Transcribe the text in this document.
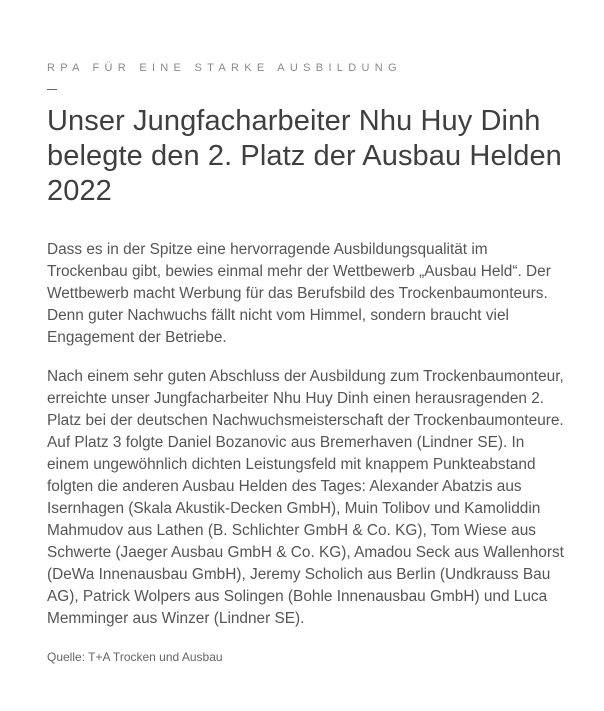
RPA FÜR EINE STARKE AUSBILDUNG
Unser Jungfacharbeiter Nhu Huy Dinh belegte den 2. Platz der Ausbau Helden 2022

Dass es in der Spitze eine hervorragende Ausbildungsqualität im Trockenbau gibt, bewies einmal mehr der Wettbewerb „Ausbau Held“. Der Wettbewerb macht Werbung für das Berufsbild des Trockenbaumonteurs. Denn guter Nachwuchs fällt nicht vom Himmel, sondern braucht viel Engagement der Betriebe.

Nach einem sehr guten Abschluss der Ausbildung zum Trockenbaumonteur, erreichte unser Jungfacharbeiter Nhu Huy Dinh einen herausragenden 2. Platz bei der deutschen Nachwuchsmeisterschaft der Trockenbaumonteure. Auf Platz 3 folgte Daniel Bozanovic aus Bremerhaven (Lindner SE). In einem ungewöhnlich dichten Leistungsfeld mit knappem Punkteabstand folgten die anderen Ausbau Helden des Tages: Alexander Abatzis aus Isernhagen (Skala Akustik-Decken GmbH), Muin Tolibov und Kamoliddin Mahmudov aus Lathen (B. Schlichter GmbH & Co. KG), Tom Wiese aus Schwerte (Jaeger Ausbau GmbH & Co. KG), Amadou Seck aus Wallenhorst (DeWa Innenausbau GmbH), Jeremy Scholich aus Berlin (Undkrauss Bau AG), Patrick Wolpers aus Solingen (Bohle Innenausbau GmbH) und Luca Memminger aus Winzer (Lindner SE).

Quelle: T+A Trocken und Ausbau
